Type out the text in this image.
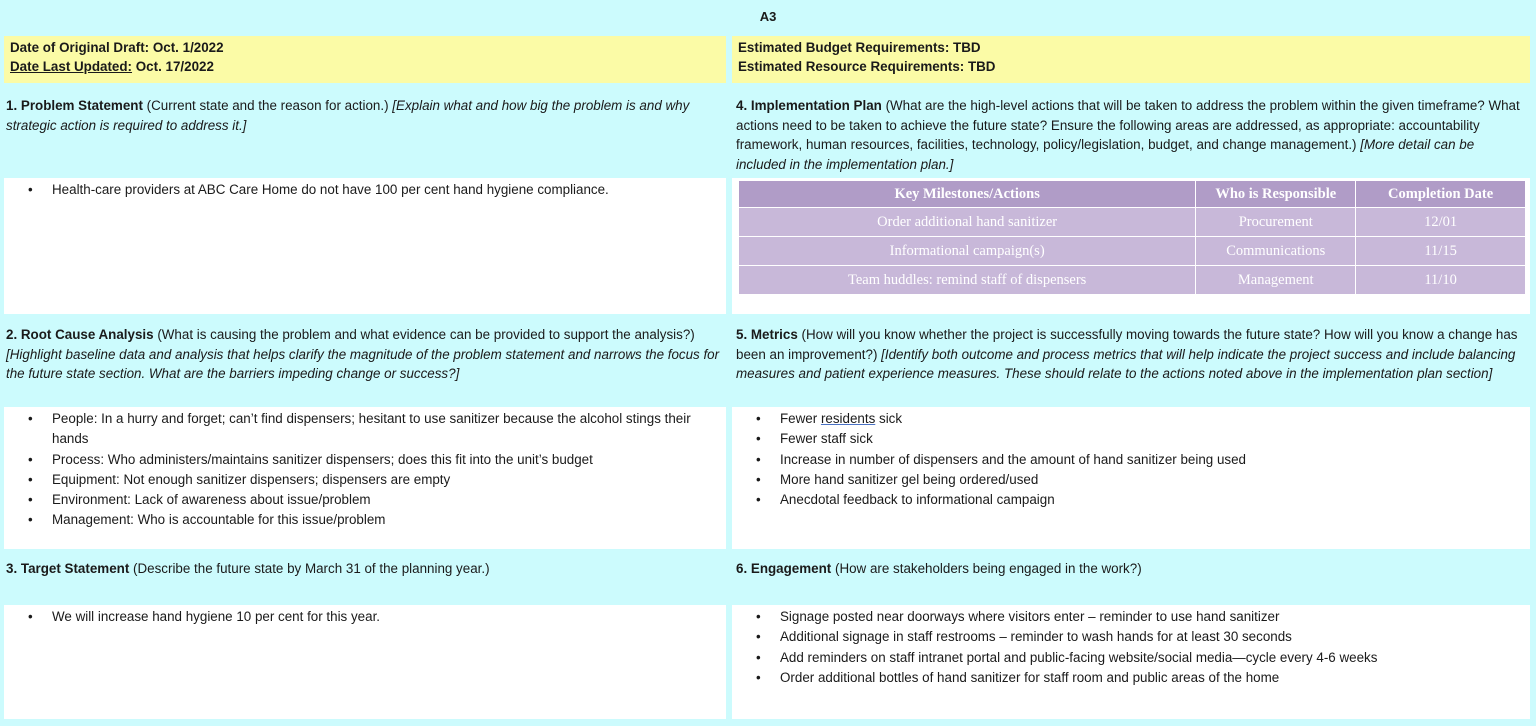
A3
Date of Original Draft: Oct. 1/2022
Date Last Updated: Oct. 17/2022
Estimated Budget Requirements: TBD
Estimated Resource Requirements: TBD
1. Problem Statement (Current state and the reason for action.) [Explain what and how big the problem is and why strategic action is required to address it.]
• Health-care providers at ABC Care Home do not have 100 per cent hand hygiene compliance.
4. Implementation Plan (What are the high-level actions that will be taken to address the problem within the given timeframe? What actions need to be taken to achieve the future state? Ensure the following areas are addressed, as appropriate: accountability framework, human resources, facilities, technology, policy/legislation, budget, and change management.) [More detail can be included in the implementation plan.]
Key Milestones/Actions	Who is Responsible	Completion Date
Order additional hand sanitizer	Procurement	12/01
Informational campaign(s)	Communications	11/15
Team huddles: remind staff of dispensers	Management	11/10
2. Root Cause Analysis (What is causing the problem and what evidence can be provided to support the analysis?) [Highlight baseline data and analysis that helps clarify the magnitude of the problem statement and narrows the focus for the future state section. What are the barriers impeding change or success?]
• People: In a hurry and forget; can’t find dispensers; hesitant to use sanitizer because the alcohol stings their hands
• Process: Who administers/maintains sanitizer dispensers; does this fit into the unit’s budget
• Equipment: Not enough sanitizer dispensers; dispensers are empty
• Environment: Lack of awareness about issue/problem
• Management: Who is accountable for this issue/problem
5. Metrics (How will you know whether the project is successfully moving towards the future state? How will you know a change has been an improvement?) [Identify both outcome and process metrics that will help indicate the project success and include balancing measures and patient experience measures. These should relate to the actions noted above in the implementation plan section]
• Fewer residents sick
• Fewer staff sick
• Increase in number of dispensers and the amount of hand sanitizer being used
• More hand sanitizer gel being ordered/used
• Anecdotal feedback to informational campaign
3. Target Statement (Describe the future state by March 31 of the planning year.)
• We will increase hand hygiene 10 per cent for this year.
6. Engagement (How are stakeholders being engaged in the work?)
• Signage posted near doorways where visitors enter – reminder to use hand sanitizer
• Additional signage in staff restrooms – reminder to wash hands for at least 30 seconds
• Add reminders on staff intranet portal and public-facing website/social media—cycle every 4-6 weeks
• Order additional bottles of hand sanitizer for staff room and public areas of the home
